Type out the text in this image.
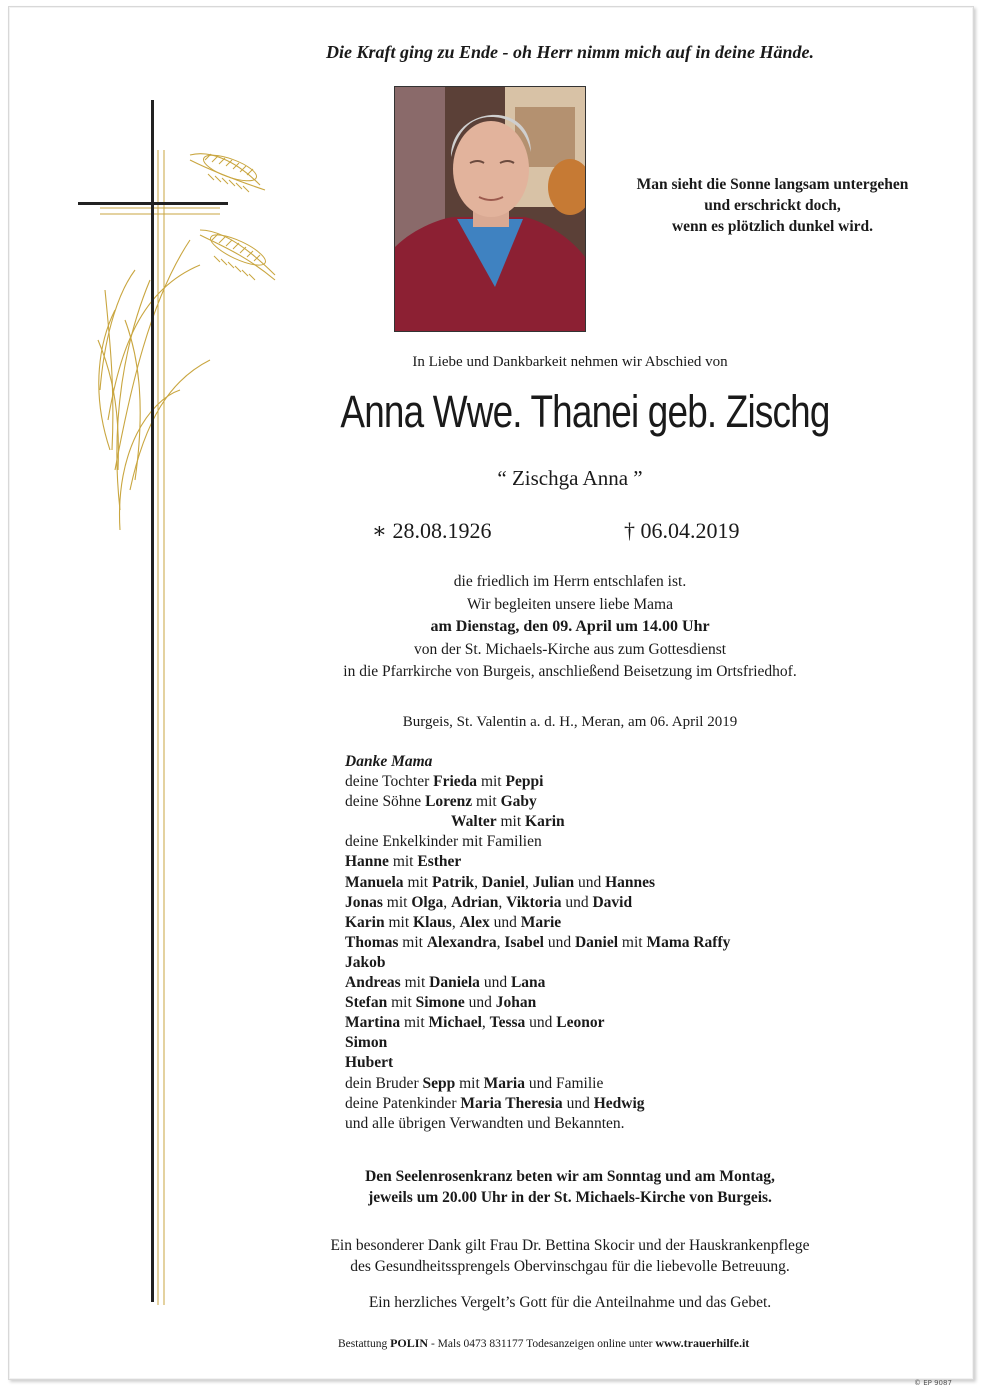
Die Kraft ging zu Ende - oh Herr nimm mich auf in deine Hände.
Man sieht die Sonne langsam untergehen
und erschrickt doch,
wenn es plötzlich dunkel wird.
In Liebe und Dankbarkeit nehmen wir Abschied von
Anna Wwe. Thanei geb. Zischg
“ Zischga Anna ”
∗ 28.08.1926	† 06.04.2019
die friedlich im Herrn entschlafen ist.
Wir begleiten unsere liebe Mama
am Dienstag, den 09. April um 14.00 Uhr
von der St. Michaels-Kirche aus zum Gottesdienst
in die Pfarrkirche von Burgeis, anschließend Beisetzung im Ortsfriedhof.
Burgeis, St. Valentin a. d. H., Meran, am 06. April 2019
Danke Mama
deine Tochter Frieda mit Peppi
deine Söhne Lorenz mit Gaby
Walter mit Karin
deine Enkelkinder mit Familien
Hanne mit Esther
Manuela mit Patrik, Daniel, Julian und Hannes
Jonas mit Olga, Adrian, Viktoria und David
Karin mit Klaus, Alex und Marie
Thomas mit Alexandra, Isabel und Daniel mit Mama Raffy
Jakob
Andreas mit Daniela und Lana
Stefan mit Simone und Johan
Martina mit Michael, Tessa und Leonor
Simon
Hubert
dein Bruder Sepp mit Maria und Familie
deine Patenkinder Maria Theresia und Hedwig
und alle übrigen Verwandten und Bekannten.
Den Seelenrosenkranz beten wir am Sonntag und am Montag,
jeweils um 20.00 Uhr in der St. Michaels-Kirche von Burgeis.
Ein besonderer Dank gilt Frau Dr. Bettina Skocir und der Hauskrankenpflege
des Gesundheitssprengels Obervinschgau für die liebevolle Betreuung.
Ein herzliches Vergelt’s Gott für die Anteilnahme und das Gebet.
Bestattung POLIN - Mals 0473 831177 Todesanzeigen online unter www.trauerhilfe.it
© EP 9087
